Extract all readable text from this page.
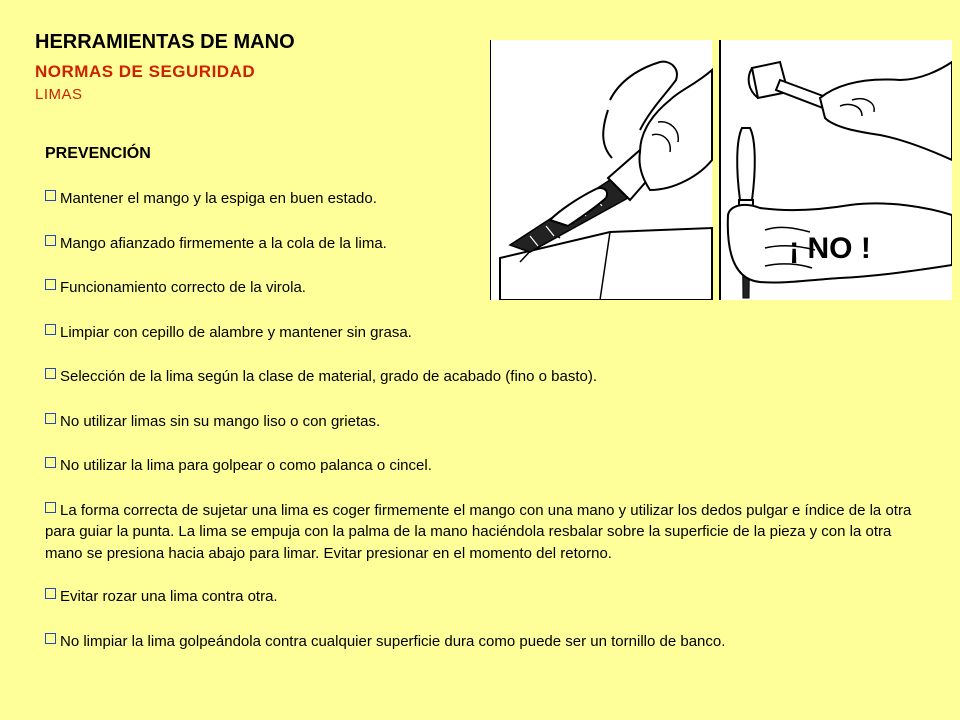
HERRAMIENTAS DE MANO
NORMAS DE SEGURIDAD
LIMAS
PREVENCIÓN
Mantener el mango y la espiga en buen estado.
Mango afianzado firmemente a la cola de la lima.
Funcionamiento correcto de la virola.
Limpiar con cepillo de alambre y mantener sin grasa.
Selección de la lima según la clase de material, grado de acabado (fino o basto).
No utilizar limas sin su mango liso o con grietas.
No utilizar la lima para golpear o como palanca o cincel.
La forma correcta de sujetar una lima es coger firmemente el mango con una mano y utilizar los dedos pulgar e índice de la otra para guiar la punta. La lima se empuja con la palma de la mano haciéndola resbalar sobre la superficie de la pieza y con la otra mano se presiona hacia abajo para limar. Evitar presionar en el momento del retorno.
Evitar rozar una lima contra otra.
No limpiar la lima golpeándola contra cualquier superficie dura como puede ser un tornillo de banco.
¡ NO !
